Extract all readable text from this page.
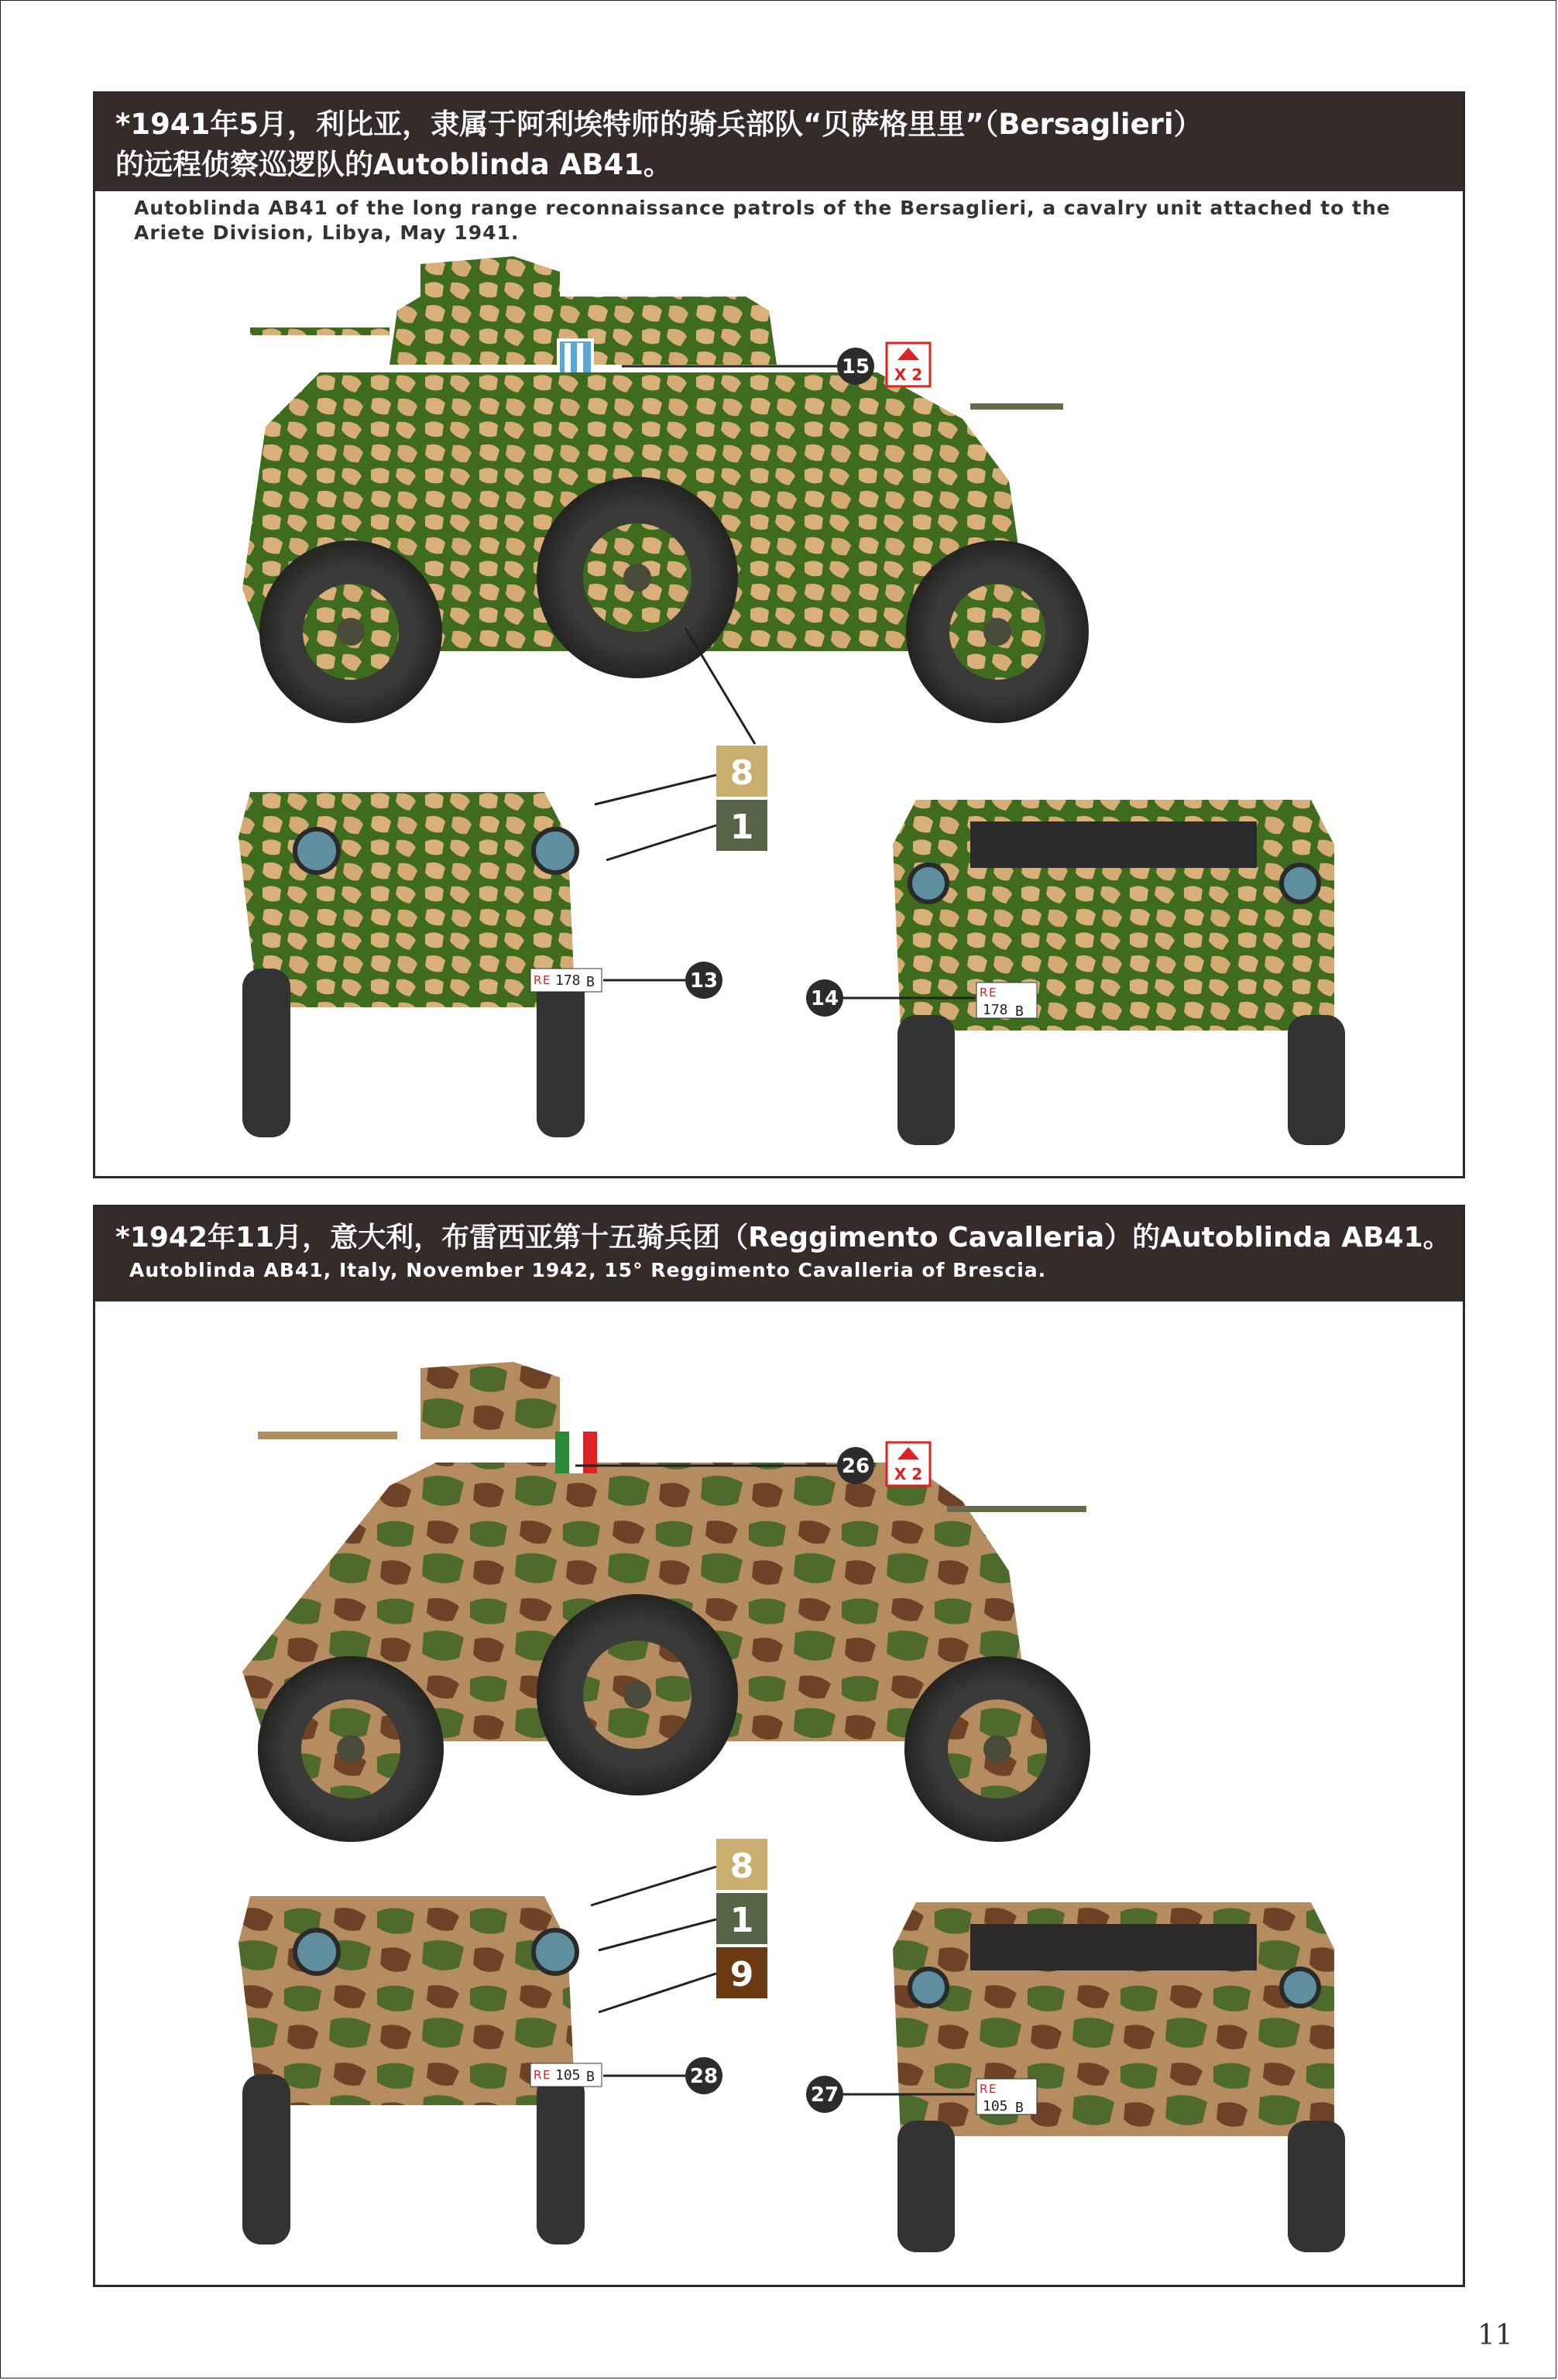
*1941年5月，利比亚，隶属于阿利埃特师的骑兵部队“贝萨格里里”（Bersaglieri）
的远程侦察巡逻队的Autoblinda AB41。
Autoblinda AB41 of the long range reconnaissance patrols of the Bersaglieri, a cavalry unit attached to the
Ariete Division, Libya, May 1941.
15 X 2
8
1
R E 178 B	13	R E
178 B
14
*1942年11月，意大利，布雷西亚第十五骑兵团（Reggimento Cavalleria）的Autoblinda AB41。
Autoblinda AB41, Italy, November 1942, 15° Reggimento Cavalleria of Brescia.
26 X 2
8
1
9
R E 105 B	28
R E
105 B
27
11
